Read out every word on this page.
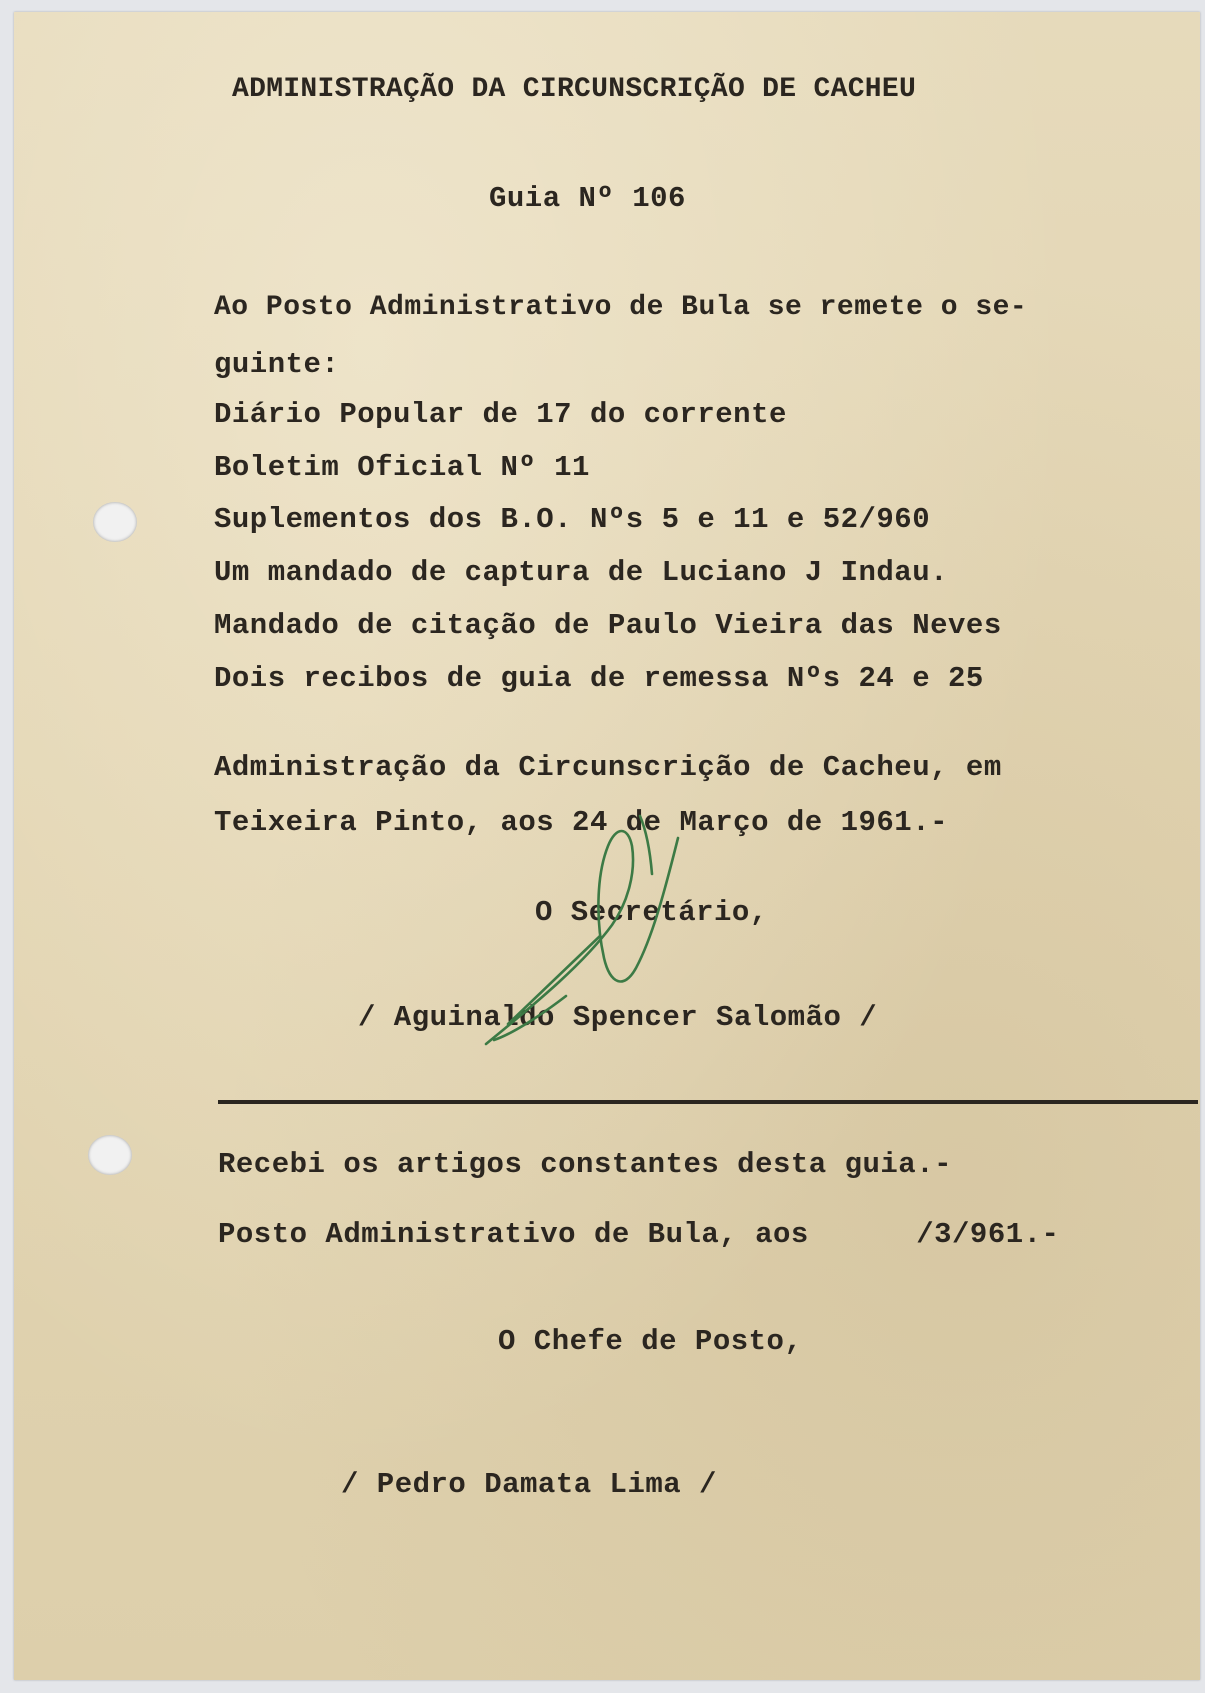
ADMINISTRAÇÃO DA CIRCUNSCRIÇÃO DE CACHEU
Guia Nº 106
Ao Posto Administrativo de Bula se remete o se-
guinte:
Diário Popular de 17 do corrente
Boletim Oficial Nº 11
Suplementos dos B.O. Nºs 5 e 11 e 52/960
Um mandado de captura de Luciano J Indau.
Mandado de citação de Paulo Vieira das Neves
Dois recibos de guia de remessa Nºs 24 e 25
Administração da Circunscrição de Cacheu, em
Teixeira Pinto, aos 24 de Março de 1961.-
O Secretário,
/ Aguinaldo Spencer Salomão /
Recebi os artigos constantes desta guia.-
Posto Administrativo de Bula, aos      /3/961.-
O Chefe de Posto,
/ Pedro Damata Lima /
